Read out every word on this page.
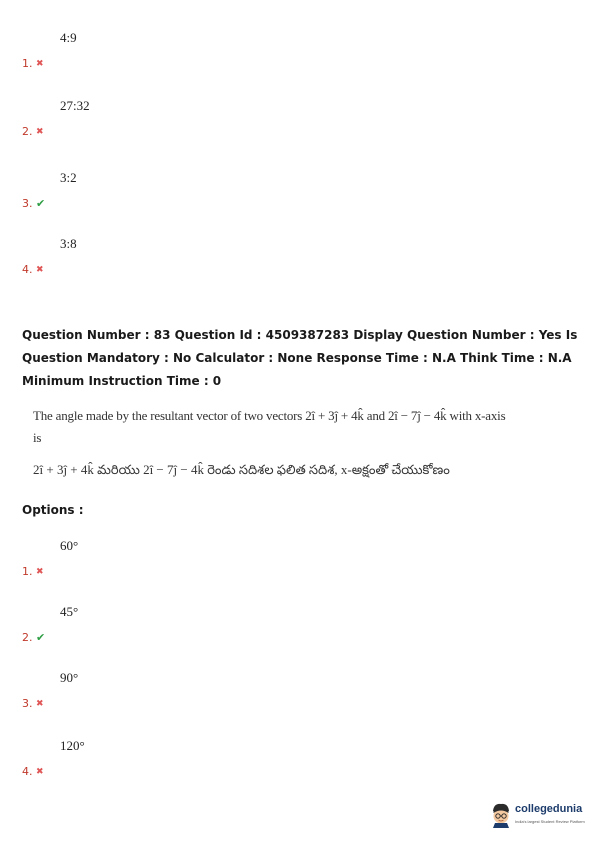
1. ✖
4:9
2. ✖
27:32
3. ✔
3:2
4. ✖
3:8
Question Number : 83 Question Id : 4509387283 Display Question Number : Yes Is Question Mandatory : No Calculator : None Response Time : N.A Think Time : N.A Minimum Instruction Time : 0
The angle made by the resultant vector of two vectors 2î + 3ĵ + 4k̂ and 2î − 7ĵ − 4k̂ with x-axis
is
2î + 3ĵ + 4k̂ మరియు 2î − 7ĵ − 4k̂ రెండు సదిశల ఫలిత సదిశ, x-అక్షంతో చేయుకోణం
Options :
1. ✖
60°
2. ✔
45°
3. ✖
90°
4. ✖
120°
collegedunia
India's largest Student Review Platform
